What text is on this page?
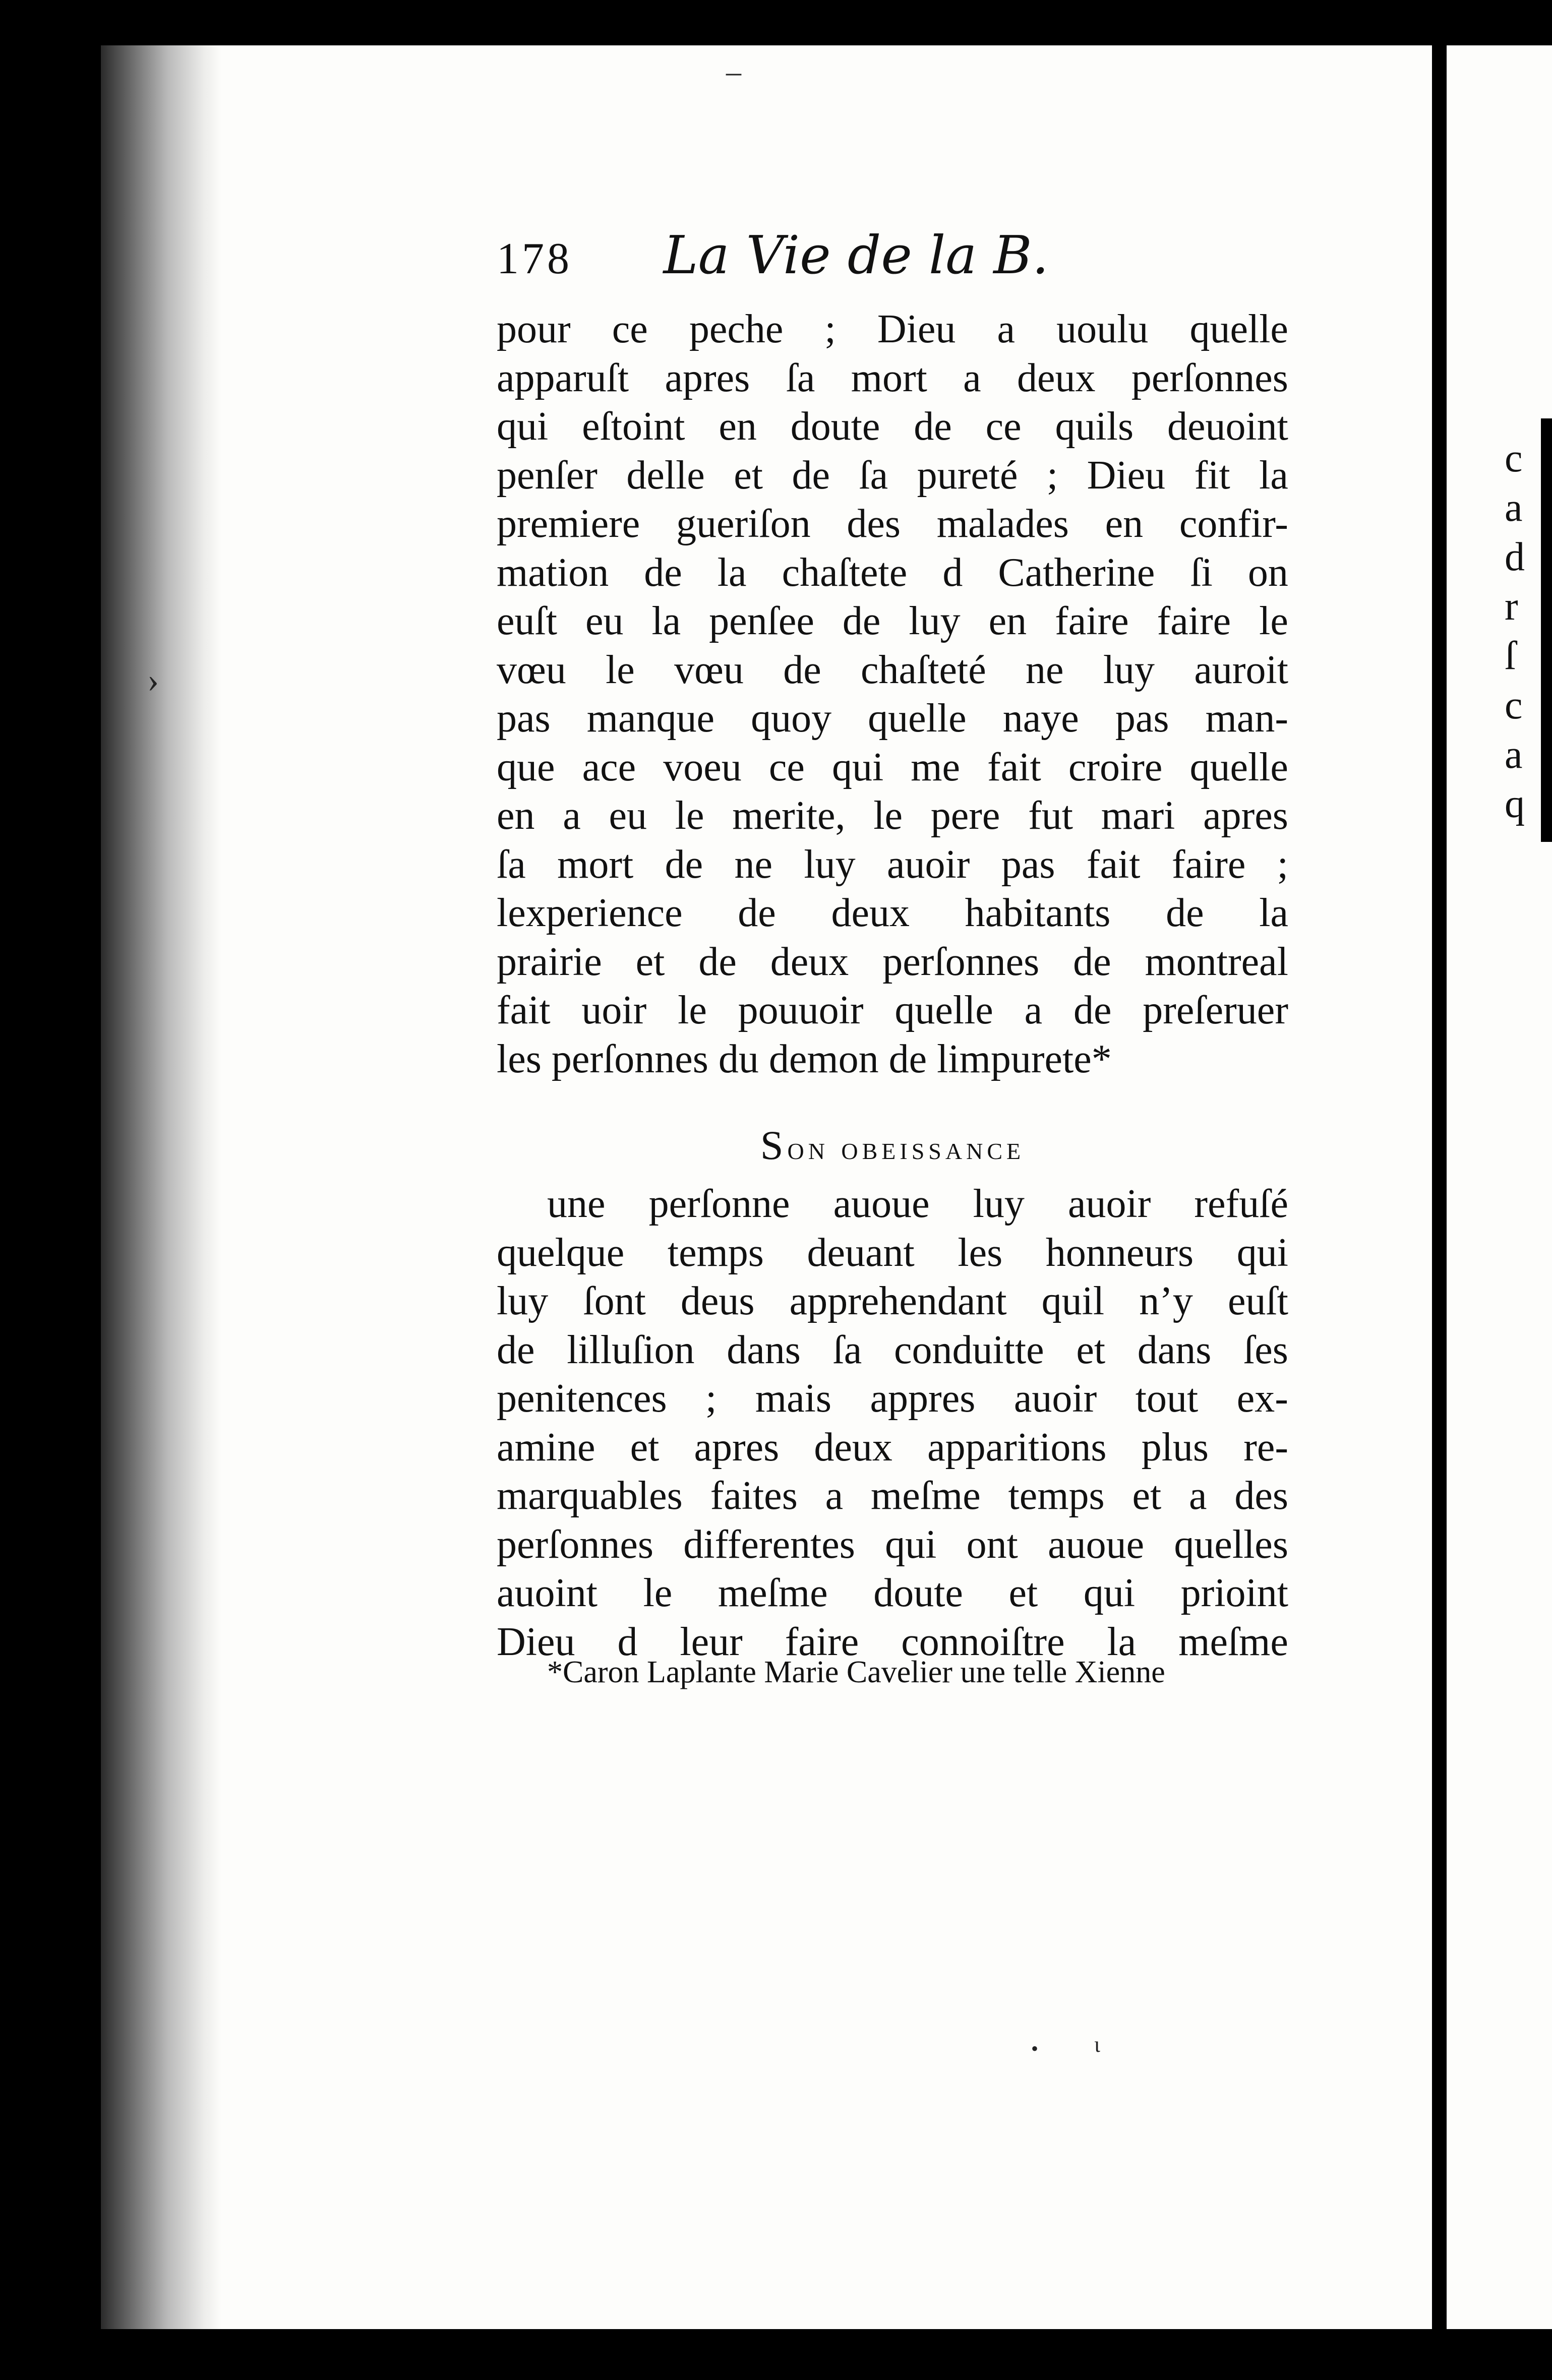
c
a
d
r
ſ
c
a
q
178 La Vie de la B.
pour ce peche ; Dieu a uoulu quelle
apparuſt apres ſa mort a deux perſonnes
qui eſtoint en doute de ce quils deuoint
penſer delle et de ſa pureté ; Dieu fit la
premiere gueriſon des malades en confir-
mation de la chaſtete d Catherine ſi on
euſt eu la penſee de luy en faire faire le
vœu le vœu de chaſteté ne luy auroit
pas manque quoy quelle naye pas man-
que ace voeu ce qui me fait croire quelle
en a eu le merite, le pere fut mari apres
ſa mort de ne luy auoir pas fait faire ;
lexperience de deux habitants de la
prairie et de deux perſonnes de montreal
fait uoir le pouuoir quelle a de preſeruer
les perſonnes du demon de limpurete*
Son obeissance
une perſonne auoue luy auoir refuſé
quelque temps deuant les honneurs qui
luy ſont deus apprehendant quil n’y euſt
de lilluſion dans ſa conduitte et dans ſes
penitences ; mais appres auoir tout ex-
amine et apres deux apparitions plus re-
marquables faites a meſme temps et a des
perſonnes differentes qui ont auoue quelles
auoint le meſme doute et qui prioint
Dieu d leur faire connoiſtre la meſme
*Caron Laplante Marie Cavelier une telle Xienne
–
›
•	ι
